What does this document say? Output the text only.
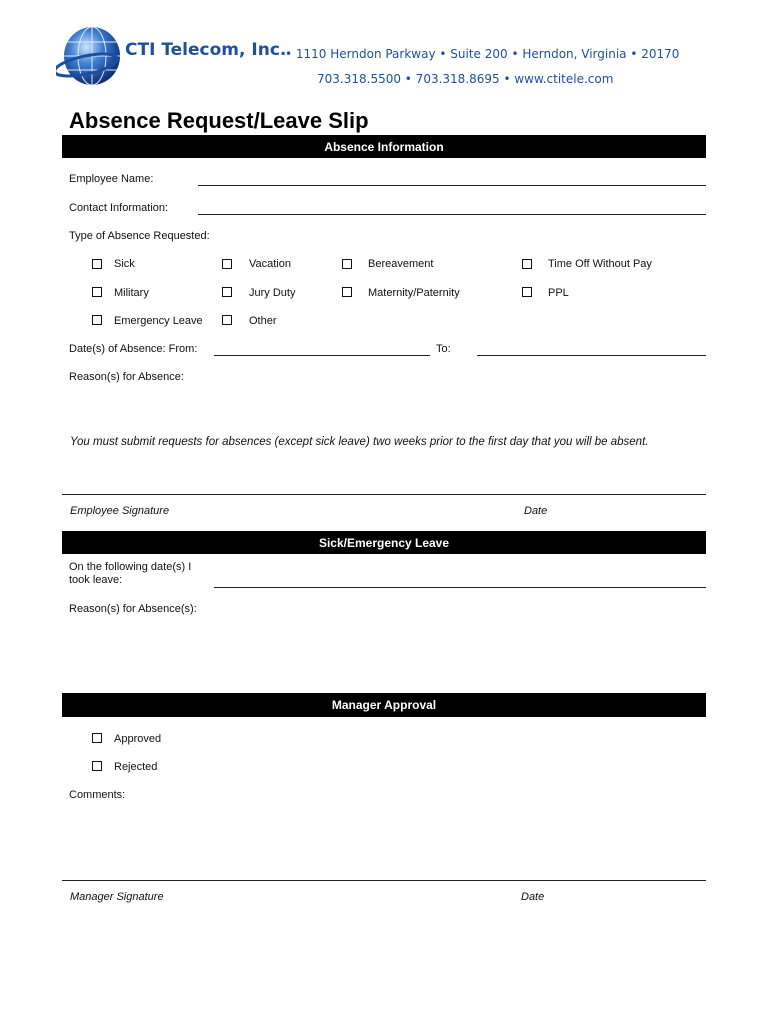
CTI Telecom, Inc.
• 1110 Herndon Parkway • Suite 200 • Herndon, Virginia • 20170
703.318.5500 • 703.318.8695 • www.ctitele.com
Absence Request/Leave Slip
Absence Information
Employee Name:
Contact Information:
Type of Absence Requested:
Sick	Vacation	Bereavement	Time Off Without Pay
Military	Jury Duty	Maternity/Paternity	PPL
Emergency Leave	Other
Date(s) of Absence: From:	To:
Reason(s) for Absence:
You must submit requests for absences (except sick leave) two weeks prior to the first day that you will be absent.
Employee Signature	Date
Sick/Emergency Leave
On the following date(s) I took leave:
Reason(s) for Absence(s):
Manager Approval
Approved
Rejected
Comments:
Manager Signature	Date
